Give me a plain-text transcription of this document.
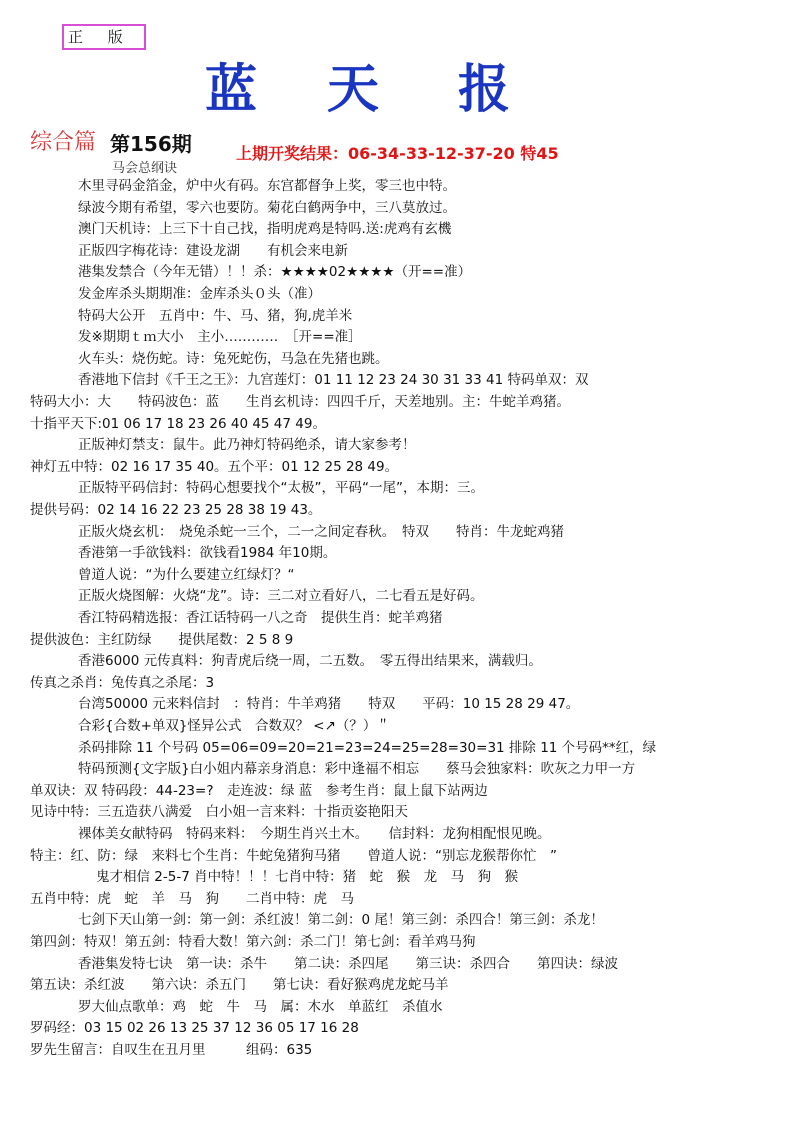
正 版
蓝 天 报
综合篇 第156期	上期开奖结果：06-34-33-12-37-20 特45
马会总纲诀
木里寻码金箔金，炉中火有码。东宫都督争上奖，零三也中特。
绿波今期有希望，零六也要防。菊花白鹤两争中，三八莫放过。
澳门天机诗：上三下十自己找，指明虎鸡是特吗.送:虎鸡有玄機
正版四字梅花诗：建设龙湖　　有机会来电新
港集发禁合（今年无错）！！杀：★★★★02★★★★（开==准）
发金库杀头期期准：金库杀头０头（准）
特码大公开　五肖中：牛、马、猪，狗,虎羊米
发※期期ｔｍ大小　主小…………　［开==准］
火车头：烧伤蛇。诗：兔死蛇伤，马急在先猪也跳。
香港地下信封《千王之王》：九宫莲灯：01 11 12 23 24 30 31 33 41 特码单双：双
特码大小：大　　特码波色：蓝　　生肖玄机诗：四四千斤，天差地别。主：牛蛇羊鸡猪。
十指平天下:01 06 17 18 23 26 40 45 47 49。
正版神灯禁支：鼠牛。此乃神灯特码绝杀，请大家参考！
神灯五中特：02 16 17 35 40。五个平：01 12 25 28 49。
正版特平码信封：特码心想要找个“太极”，平码“一尾”，本期：三。
提供号码：02 14 16 22 23 25 28 38 19 43。
正版火烧玄机：　烧兔杀蛇一三个，二一之间定春秋。　特双　　特肖：牛龙蛇鸡猪
香港第一手欲钱料：欲钱看1984 年10期。
曾道人说：“为什么要建立红绿灯？“
正版火烧图解：火烧“龙”。诗：三二对立看好八，二七看五是好码。
香江特码精选报：香江话特码一八之奇　提供生肖：蛇羊鸡猪
提供波色：主红防绿　　提供尾数：2 5 8 9
香港6000 元传真料：狗青虎后绕一周，二五数。　零五得出结果来，满载归。
传真之杀肖：兔传真之杀尾：3
台湾50000 元来料信封　：特肖：牛羊鸡猪　　特双　　平码：10 15 28 29 47。
合彩{合数+单双}怪异公式　合数双？ <↗（？）＂
杀码排除 11 个号码 05=06=09=20=21=23=24=25=28=30=31 排除 11 个号码**红，绿
特码预测{文字版}白小姐内幕亲身消息：彩中逢福不相忘　　蔡马会独家料：吹灰之力甲一方
单双诀：双 特码段：44-23=?　走连波：绿 蓝　参考生肖：鼠上鼠下站两边
见诗中特：三五造获八满爱　白小姐一言来料：十指贡姿艳阳天
裸体美女献特码　特码来料：　今期生肖兴土木。　　信封料：龙狗相配恨见晚。
特主：红、防：绿　来料七个生肖：牛蛇兔猪狗马猪　　曾道人说：“别忘龙猴帮你忙　”
鬼才相信 2-5-7 肖中特！！！七肖中特：猪　蛇　猴　龙　马　狗　猴
五肖中特：虎　蛇　羊　马　狗　　二肖中特：虎　马
七剑下天山第一剑：第一剑：杀红波！第二剑：0 尾！第三剑：杀四合！第三剑：杀龙！
第四剑：特双！第五剑：特看大数！第六剑：杀二门！第七剑：看羊鸡马狗
香港集发特七诀　第一诀：杀牛　　第二诀：杀四尾　　第三诀：杀四合　　第四诀：绿波
第五诀：杀红波　　第六诀：杀五门　　第七诀：看好猴鸡虎龙蛇马羊
罗大仙点歌单：鸡　蛇　牛　马　属：木水　单蓝红　杀值水
罗码经：03 15 02 26 13 25 37 12 36 05 17 16 28
罗先生留言：自叹生在丑月里　　　组码：635
